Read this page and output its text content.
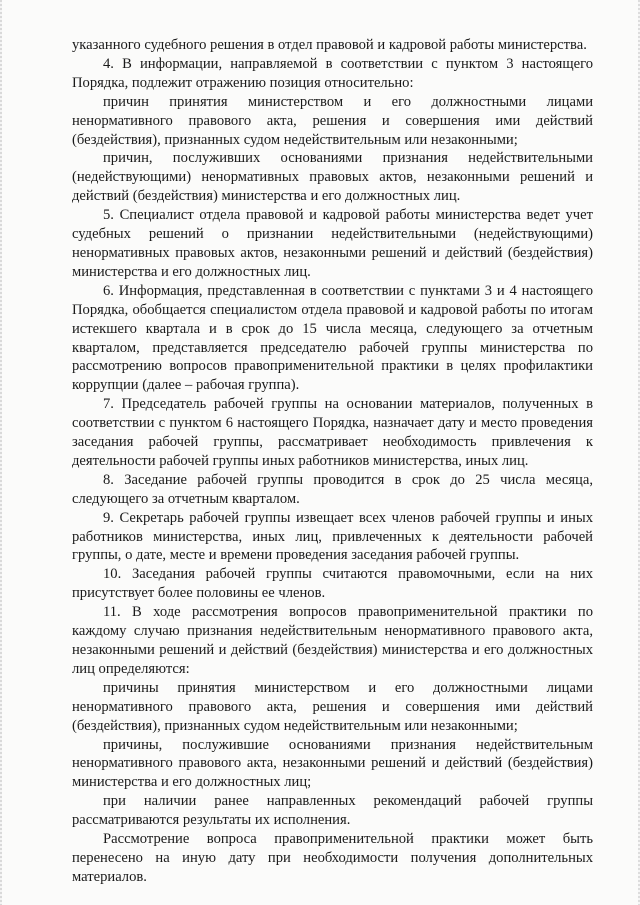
указанного судебного решения в отдел правовой и кадровой работы министерства.

4. В информации, направляемой в соответствии с пунктом 3 настоящего Порядка, подлежит отражению позиция относительно:

причин принятия министерством и его должностными лицами ненормативного правового акта, решения и совершения ими действий (бездействия), признанных судом недействительным или незаконными;

причин, послуживших основаниями признания недействительными (недействующими) ненормативных правовых актов, незаконными решений и действий (бездействия) министерства и его должностных лиц.

5. Специалист отдела правовой и кадровой работы министерства ведет учет судебных решений о признании недействительными (недействующими) ненормативных правовых актов, незаконными решений и действий (бездействия) министерства и его должностных лиц.

6. Информация, представленная в соответствии с пунктами 3 и 4 настоящего Порядка, обобщается специалистом отдела правовой и кадровой работы по итогам истекшего квартала и в срок до 15 числа месяца, следующего за отчетным кварталом, представляется председателю рабочей группы министерства по рассмотрению вопросов правоприменительной практики в целях профилактики коррупции (далее – рабочая группа).

7. Председатель рабочей группы на основании материалов, полученных в соответствии с пунктом 6 настоящего Порядка, назначает дату и место проведения заседания рабочей группы, рассматривает необходимость привлечения к деятельности рабочей группы иных работников министерства, иных лиц.

8. Заседание рабочей группы проводится в срок до 25 числа месяца, следующего за отчетным кварталом.

9. Секретарь рабочей группы извещает всех членов рабочей группы и иных работников министерства, иных лиц, привлеченных к деятельности рабочей группы, о дате, месте и времени проведения заседания рабочей группы.

10. Заседания рабочей группы считаются правомочными, если на них присутствует более половины ее членов.

11. В ходе рассмотрения вопросов правоприменительной практики по каждому случаю признания недействительным ненормативного правового акта, незаконными решений и действий (бездействия) министерства и его должностных лиц определяются:

причины принятия министерством и его должностными лицами ненормативного правового акта, решения и совершения ими действий (бездействия), признанных судом недействительным или незаконными;

причины, послужившие основаниями признания недействительным ненормативного правового акта, незаконными решений и действий (бездействия) министерства и его должностных лиц;

при наличии ранее направленных рекомендаций рабочей группы рассматриваются результаты их исполнения.

Рассмотрение вопроса правоприменительной практики может быть перенесено на иную дату при необходимости получения дополнительных материалов.
